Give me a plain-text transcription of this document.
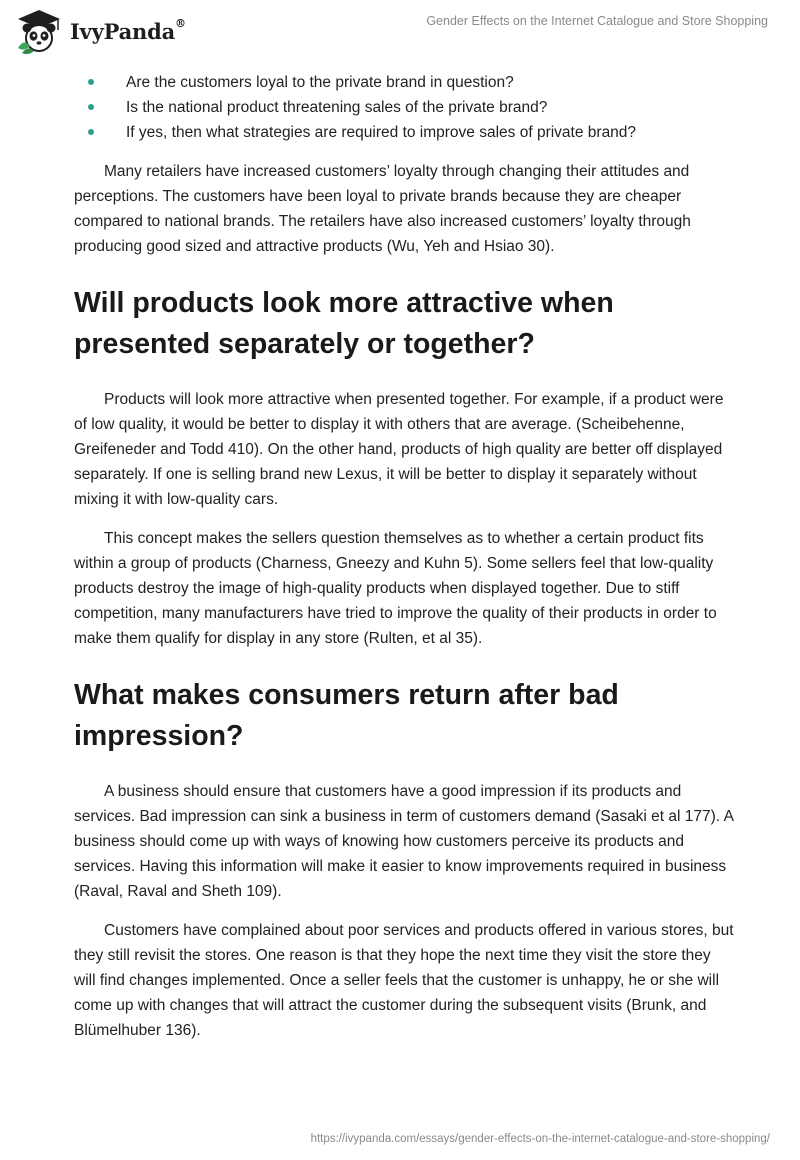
IvyPanda®	Gender Effects on the Internet Catalogue and Store Shopping
Are the customers loyal to the private brand in question?
Is the national product threatening sales of the private brand?
If yes, then what strategies are required to improve sales of private brand?

Many retailers have increased customers’ loyalty through changing their attitudes and perceptions. The customers have been loyal to private brands because they are cheaper compared to national brands. The retailers have also increased customers’ loyalty through producing good sized and attractive products (Wu, Yeh and Hsiao 30).

Will products look more attractive when presented separately or together?

Products will look more attractive when presented together. For example, if a product were of low quality, it would be better to display it with others that are average. (Scheibehenne, Greifeneder and Todd 410). On the other hand, products of high quality are better off displayed separately. If one is selling brand new Lexus, it will be better to display it separately without mixing it with low-quality cars.

This concept makes the sellers question themselves as to whether a certain product fits within a group of products (Charness, Gneezy and Kuhn 5). Some sellers feel that low-quality products destroy the image of high-quality products when displayed together. Due to stiff competition, many manufacturers have tried to improve the quality of their products in order to make them qualify for display in any store (Rulten, et al 35).

What makes consumers return after bad impression?

A business should ensure that customers have a good impression if its products and services. Bad impression can sink a business in term of customers demand (Sasaki et al 177). A business should come up with ways of knowing how customers perceive its products and services. Having this information will make it easier to know improvements required in business (Raval, Raval and Sheth 109).

Customers have complained about poor services and products offered in various stores, but they still revisit the stores. One reason is that they hope the next time they visit the store they will find changes implemented. Once a seller feels that the customer is unhappy, he or she will come up with changes that will attract the customer during the subsequent visits (Brunk, and Blümelhuber 136).

https://ivypanda.com/essays/gender-effects-on-the-internet-catalogue-and-store-shopping/
